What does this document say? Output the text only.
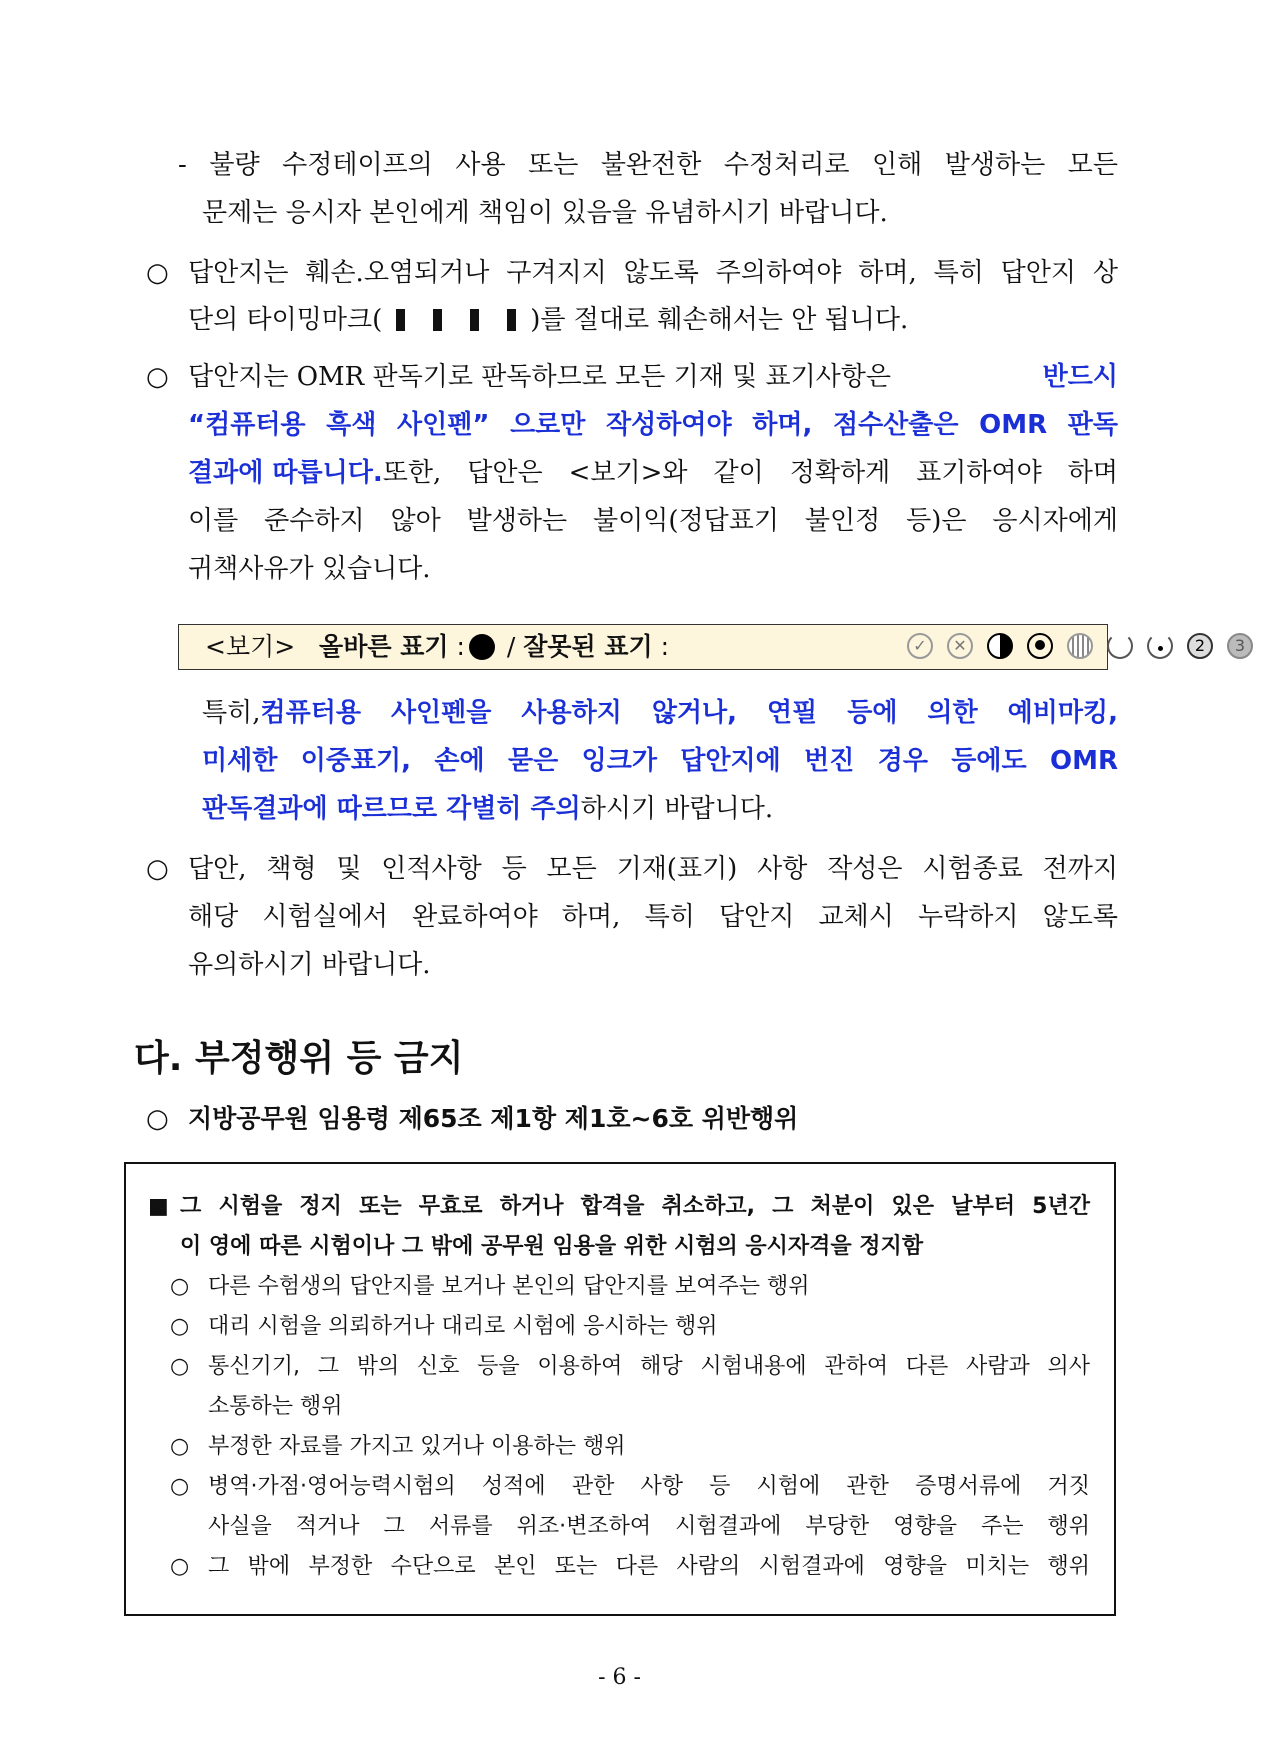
- 불량 수정테이프의 사용 또는 불완전한 수정처리로 인해 발생하는 모든
문제는 응시자 본인에게 책임이 있음을 유념하시기 바랍니다.
○ 답안지는 훼손.오염되거나 구겨지지 않도록 주의하여야 하며, 특히 답안지 상
단의 타이밍마크(	)를 절대로 훼손해서는 안 됩니다.
○ 답안지는 OMR 판독기로 판독하므로 모든 기재 및 표기사항은	반드시
“컴퓨터용 흑색 사인펜” 으로만 작성하여야 하며, 점수산출은 OMR 판독
결과에 따릅니다. 또한, 답안은 <보기>와 같이 정확하게 표기하여야 하며
이를 준수하지 않아 발생하는 불이익(정답표기 불인정 등)은 응시자에게
귀책사유가 있습니다.
<보기> 올바른 표기 : / 잘못된 표기 :	✓	✕	2	3
특히, 컴퓨터용 사인펜을 사용하지 않거나, 연필 등에 의한 예비마킹,
미세한 이중표기, 손에 묻은 잉크가 답안지에 번진 경우 등에도 OMR
판독결과에 따르므로 각별히 주의하시기 바랍니다.
○ 답안, 책형 및 인적사항 등 모든 기재(표기) 사항 작성은 시험종료 전까지
해당 시험실에서 완료하여야 하며, 특히 답안지 교체시 누락하지 않도록
유의하시기 바랍니다.
다. 부정행위 등 금지
○ 지방공무원 임용령 제65조 제1항 제1호~6호 위반행위
■ 그 시험을 정지 또는 무효로 하거나 합격을 취소하고, 그 처분이 있은 날부터 5년간
이 영에 따른 시험이나 그 밖에 공무원 임용을 위한 시험의 응시자격을 정지함
○ 다른 수험생의 답안지를 보거나 본인의 답안지를 보여주는 행위
○ 대리 시험을 의뢰하거나 대리로 시험에 응시하는 행위
○ 통신기기, 그 밖의 신호 등을 이용하여 해당 시험내용에 관하여 다른 사람과 의사
소통하는 행위
○ 부정한 자료를 가지고 있거나 이용하는 행위
○ 병역·가점·영어능력시험의 성적에 관한 사항 등 시험에 관한 증명서류에 거짓
사실을 적거나 그 서류를 위조·변조하여 시험결과에 부당한 영향을 주는 행위
○ 그 밖에 부정한 수단으로 본인 또는 다른 사람의 시험결과에 영향을 미치는 행위
- 6 -
